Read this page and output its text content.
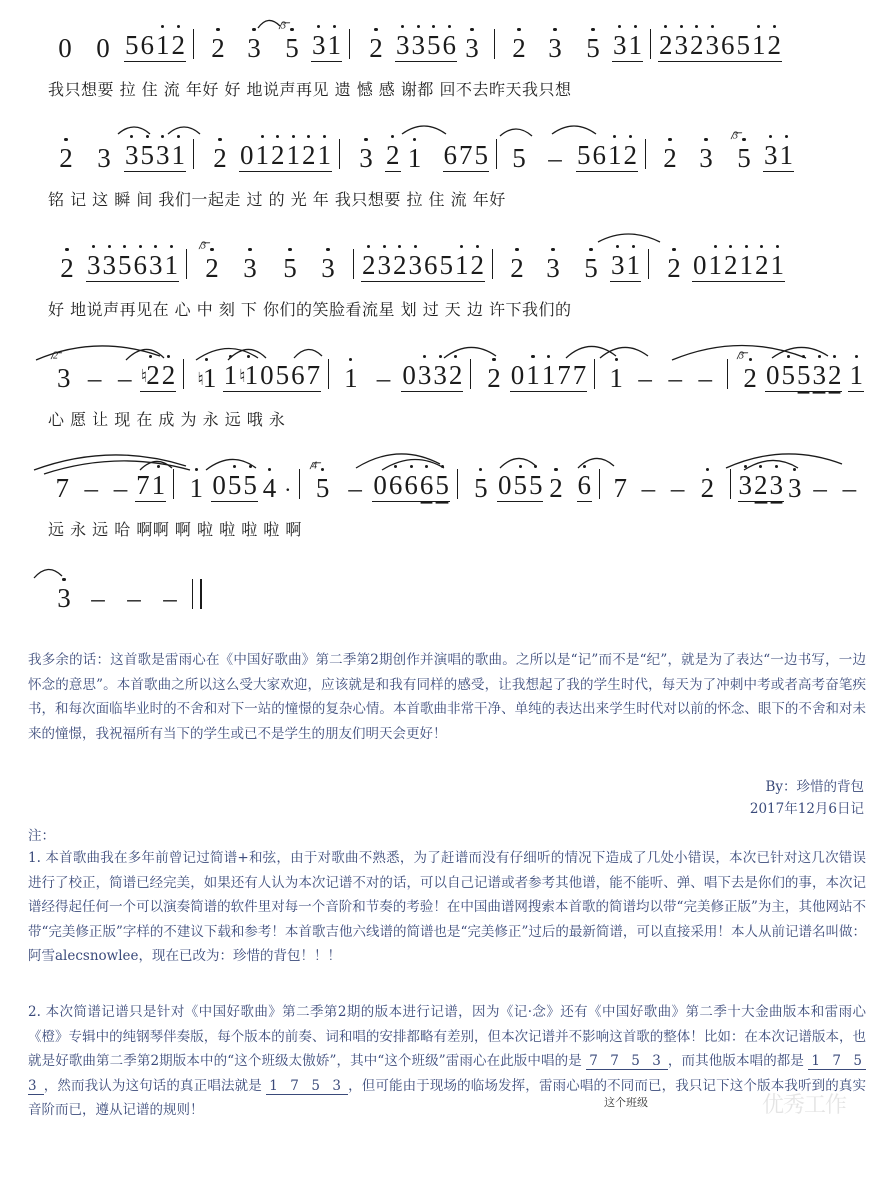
0 0 5 6 1 2 2 3
3
5 3 1	2 3 3 5 6 3	2 3 5 3 1 2 3 2 3 6 5 1 2
我只想要 拉 住 流 年好 好 地说声再见 遗 憾 感 谢都 回不去昨天我只想
2 3 3 5 3 1	2 0 1 2 1 2 1	3 2 1 6 7 5 5 – 5 6 1 2 2 3
3
5 3 1
铭 记 这 瞬 间 我们一起走 过 的 光 年 我只想要 拉 住 流 年好
2 3 3 5 6 3 1
3
2 3 5 3	2 3 2 3 6 5 1 2 2 3 5 3 1	2 0 1 2 1 2 1
好 地说声再见在 心 中 刻 下 你们的笑脸看流星 划 过 天 边 许下我们的
2
3 – – ♮2 2	♮1 1 ♮1 0 5 6 7 1 – 0 3 3 2 2 0 1 1 7 7 1 – – –
3
2 0 5 5 3 2 1
心 愿 让 现 在 成 为 永 远 哦 永
7 – – 7 1 1 0 5 5 4 ·
4
5 – 0 6 6 6 5 5 0 5 5 2 6 7 – – 2 3 2 3 3 – –
远 永 远 哈 啊啊 啊 啦 啦 啦 啦 啊
3 – – –
我多余的话：这首歌是雷雨心在《中国好歌曲》第二季第2期创作并演唱的歌曲。之所以是“记”而不是“纪”，就是为了表达“一边书写，一边怀念的意思”。本首歌曲之所以这么受大家欢迎，应该就是和我有同样的感受，让我想起了我的学生时代，每天为了冲刺中考或者高考奋笔疾书，和每次面临毕业时的不舍和对下一站的憧憬的复杂心情。本首歌曲非常干净、单纯的表达出来学生时代对以前的怀念、眼下的不舍和对未来的憧憬，我祝福所有当下的学生或已不是学生的朋友们明天会更好！
By：珍惜的背包
2017年12月6日记
注：
1. 本首歌曲我在多年前曾记过简谱+和弦，由于对歌曲不熟悉，为了赶谱而没有仔细听的情况下造成了几处小错误，本次已针对这几次错误进行了校正，简谱已经完美，如果还有人认为本次记谱不对的话，可以自己记谱或者参考其他谱，能不能听、弹、唱下去是你们的事，本次记谱经得起任何一个可以演奏简谱的软件里对每一个音阶和节奏的考验！在中国曲谱网搜索本首歌的简谱均以带“完美修正版”为主，其他网站不带“完美修正版”字样的不建议下载和参考！本首歌吉他六线谱的简谱也是“完美修正”过后的最新简谱，可以直接采用！本人从前记谱名叫做：阿雪alecsnowlee，现在已改为：珍惜的背包！！！
2. 本次简谱记谱只是针对《中国好歌曲》第二季第2期的版本进行记谱，因为《记·念》还有《中国好歌曲》第二季十大金曲版本和雷雨心《橙》专辑中的纯钢琴伴奏版，每个版本的前奏、词和唱的安排都略有差别，但本次记谱并不影响这首歌的整体！比如：在本次记谱版本，也就是好歌曲第二季第2期版本中的“这个班级太傲娇”，其中“这个班级”雷雨心在此版中唱的是 7 7 5 3 ，而其他版本唱的都是 1 7 5 3 ，然而我认为这句话的真正唱法就是 1 7 5 3 ，但可能由于现场的临场发挥，雷雨心唱的不同而已，我只记下这个版本我听到的真实音阶而已，遵从记谱的规则！	这个班级	优秀工作
